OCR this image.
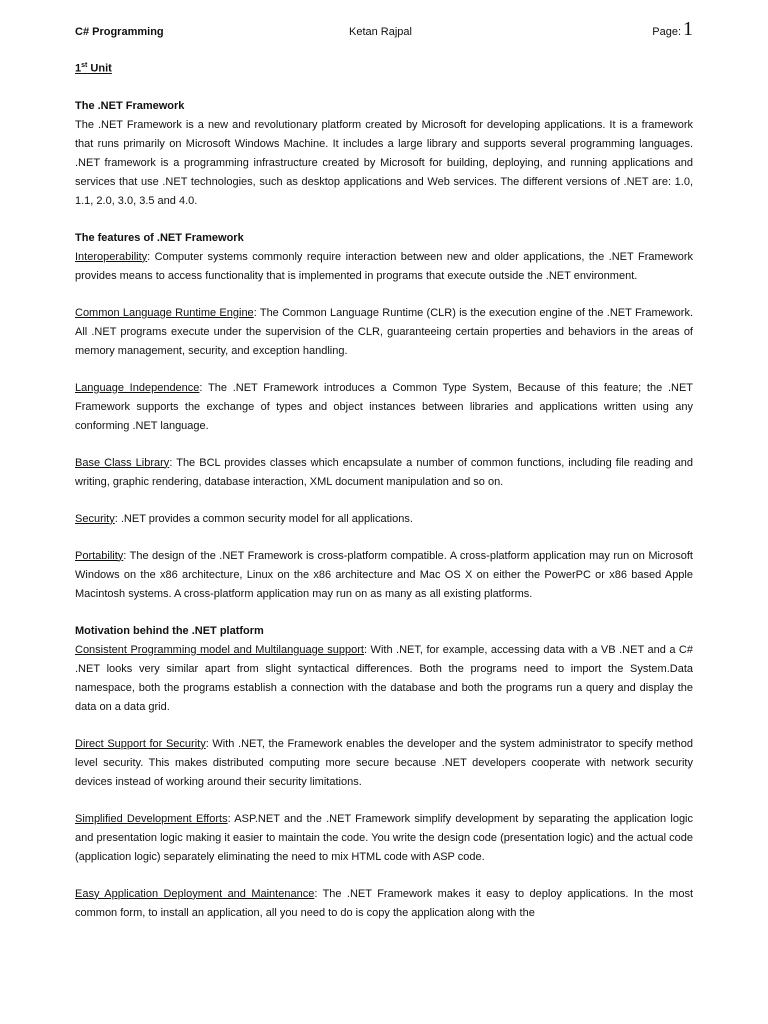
C# Programming	Ketan Rajpal	Page: 1
1st Unit
The .NET Framework

The .NET Framework is a new and revolutionary platform created by Microsoft for developing applications. It is a framework that runs primarily on Microsoft Windows Machine. It includes a large library and supports several programming languages. .NET framework is a programming infrastructure created by Microsoft for building, deploying, and running applications and services that use .NET technologies, such as desktop applications and Web services. The different versions of .NET are: 1.0, 1.1, 2.0, 3.0, 3.5 and 4.0.

The features of .NET Framework

Interoperability: Computer systems commonly require interaction between new and older applications, the .NET Framework provides means to access functionality that is implemented in programs that execute outside the .NET environment.

Common Language Runtime Engine: The Common Language Runtime (CLR) is the execution engine of the .NET Framework. All .NET programs execute under the supervision of the CLR, guaranteeing certain properties and behaviors in the areas of memory management, security, and exception handling.

Language Independence: The .NET Framework introduces a Common Type System, Because of this feature; the .NET Framework supports the exchange of types and object instances between libraries and applications written using any conforming .NET language.

Base Class Library: The BCL provides classes which encapsulate a number of common functions, including file reading and writing, graphic rendering, database interaction, XML document manipulation and so on.

Security: .NET provides a common security model for all applications.

Portability: The design of the .NET Framework is cross-platform compatible. A cross-platform application may run on Microsoft Windows on the x86 architecture, Linux on the x86 architecture and Mac OS X on either the PowerPC or x86 based Apple Macintosh systems. A cross-platform application may run on as many as all existing platforms.

Motivation behind the .NET platform

Consistent Programming model and Multilanguage support: With .NET, for example, accessing data with a VB .NET and a C# .NET looks very similar apart from slight syntactical differences. Both the programs need to import the System.Data namespace, both the programs establish a connection with the database and both the programs run a query and display the data on a data grid.

Direct Support for Security: With .NET, the Framework enables the developer and the system administrator to specify method level security. This makes distributed computing more secure because .NET developers cooperate with network security devices instead of working around their security limitations.

Simplified Development Efforts: ASP.NET and the .NET Framework simplify development by separating the application logic and presentation logic making it easier to maintain the code. You write the design code (presentation logic) and the actual code (application logic) separately eliminating the need to mix HTML code with ASP code.

Easy Application Deployment and Maintenance: The .NET Framework makes it easy to deploy applications. In the most common form, to install an application, all you need to do is copy the application along with the
